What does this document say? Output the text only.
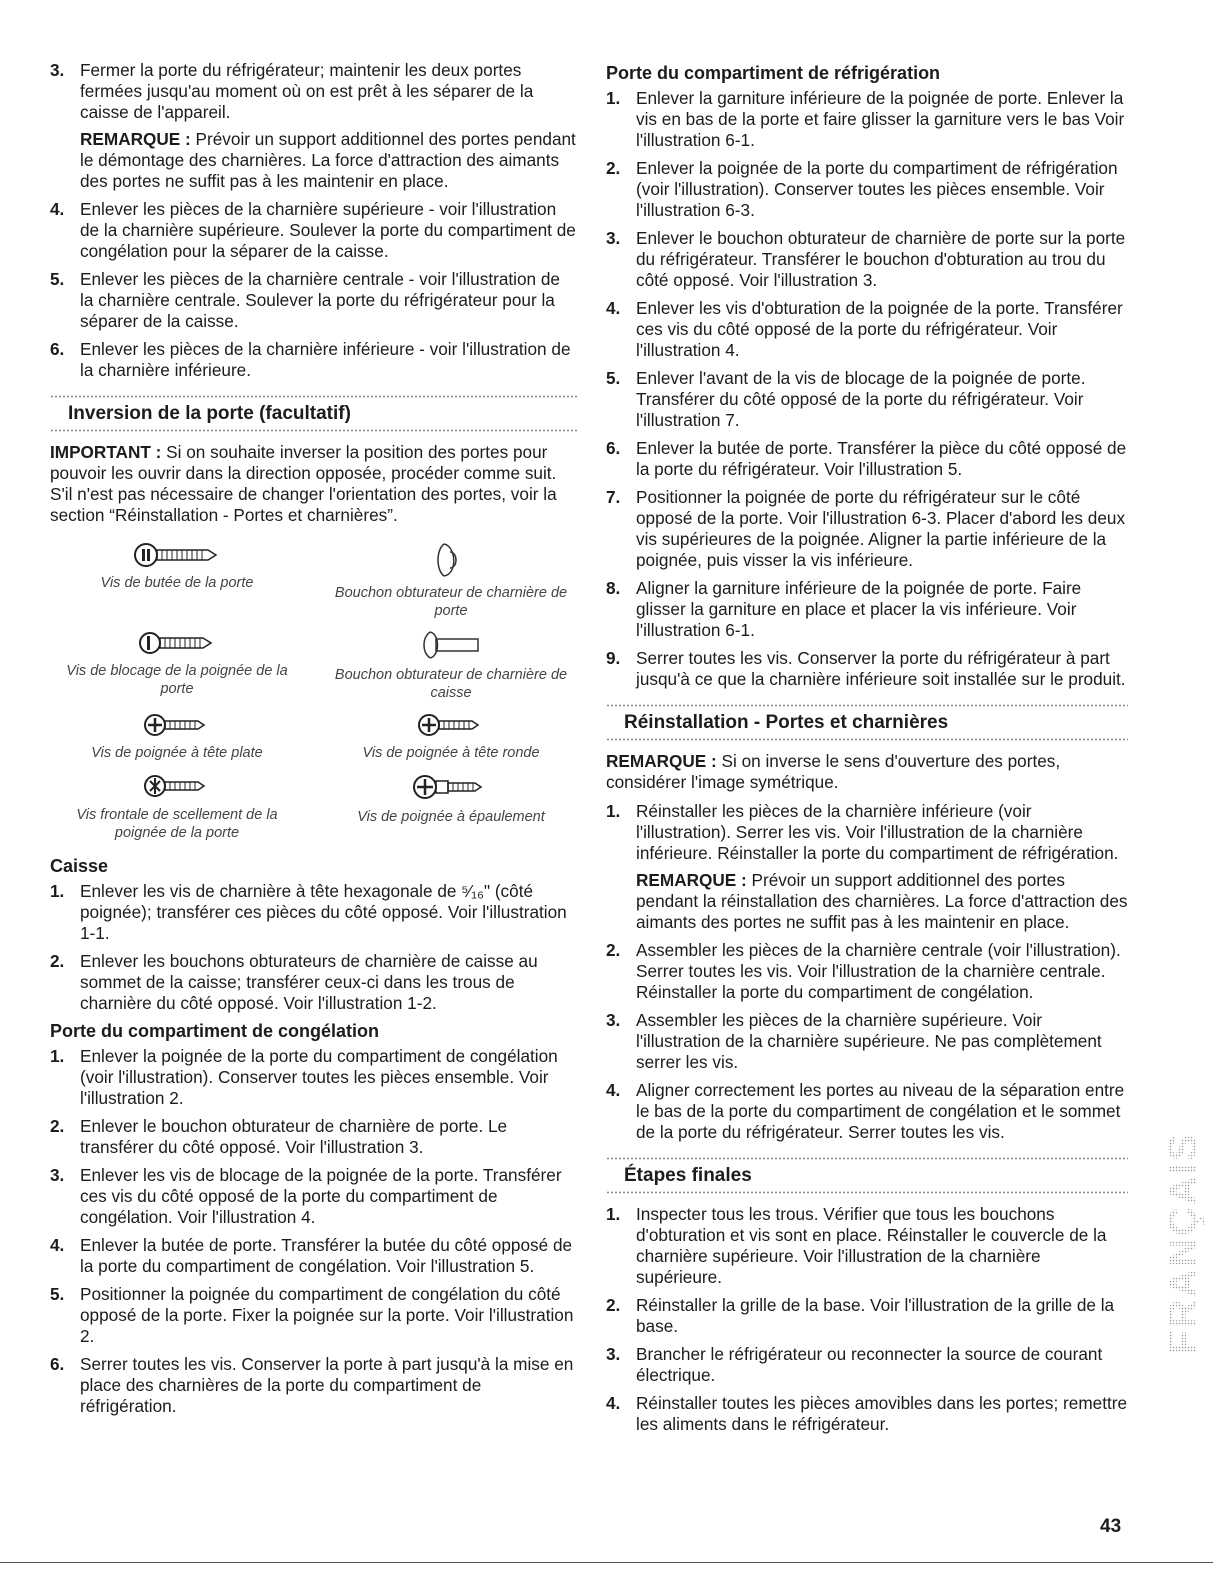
3. Fermer la porte du réfrigérateur; maintenir les deux portes fermées jusqu'au moment où on est prêt à les séparer de la caisse de l'appareil.
REMARQUE : Prévoir un support additionnel des portes pendant le démontage des charnières. La force d'attraction des aimants des portes ne suffit pas à les maintenir en place.
4. Enlever les pièces de la charnière supérieure - voir l'illustration de la charnière supérieure. Soulever la porte du compartiment de congélation pour la séparer de la caisse.
5. Enlever les pièces de la charnière centrale - voir l'illustration de la charnière centrale. Soulever la porte du réfrigérateur pour la séparer de la caisse.
6. Enlever les pièces de la charnière inférieure - voir l'illustration de la charnière inférieure.
Inversion de la porte (facultatif)

IMPORTANT : Si on souhaite inverser la position des portes pour pouvoir les ouvrir dans la direction opposée, procéder comme suit. S'il n'est pas nécessaire de changer l'orientation des portes, voir la section “Réinstallation - Portes et charnières”.

Vis de butée de la porte
Bouchon obturateur de charnière de porte
Vis de blocage de la poignée de la porte
Bouchon obturateur de charnière de caisse
Vis de poignée à tête plate	Vis de poignée à tête ronde
Vis frontale de scellement de la poignée de la porte
Vis de poignée à épaulement
Caisse
1. Enlever les vis de charnière à tête hexagonale de ⁵⁄₁₆" (côté poignée); transférer ces pièces du côté opposé. Voir l'illustration 1-1.
2. Enlever les bouchons obturateurs de charnière de caisse au sommet de la caisse; transférer ceux-ci dans les trous de charnière du côté opposé. Voir l'illustration 1-2.
Porte du compartiment de congélation
1. Enlever la poignée de la porte du compartiment de congélation (voir l'illustration). Conserver toutes les pièces ensemble. Voir l'illustration 2.
2. Enlever le bouchon obturateur de charnière de porte. Le transférer du côté opposé. Voir l'illustration 3.
3. Enlever les vis de blocage de la poignée de la porte. Transférer ces vis du côté opposé de la porte du compartiment de congélation. Voir l'illustration 4.
4. Enlever la butée de porte. Transférer la butée du côté opposé de la porte du compartiment de congélation. Voir l'illustration 5.
5. Positionner la poignée du compartiment de congélation du côté opposé de la porte. Fixer la poignée sur la porte. Voir l'illustration 2.
6. Serrer toutes les vis. Conserver la porte à part jusqu'à la mise en place des charnières de la porte du compartiment de réfrigération.
Porte du compartiment de réfrigération
1. Enlever la garniture inférieure de la poignée de porte. Enlever la vis en bas de la porte et faire glisser la garniture vers le bas Voir l'illustration 6-1.
2. Enlever la poignée de la porte du compartiment de réfrigération (voir l'illustration). Conserver toutes les pièces ensemble. Voir l'illustration 6-3.
3. Enlever le bouchon obturateur de charnière de porte sur la porte du réfrigérateur. Transférer le bouchon d'obturation au trou du côté opposé. Voir l'illustration 3.
4. Enlever les vis d'obturation de la poignée de la porte. Transférer ces vis du côté opposé de la porte du réfrigérateur. Voir l'illustration 4.
5. Enlever l'avant de la vis de blocage de la poignée de porte. Transférer du côté opposé de la porte du réfrigérateur. Voir l'illustration 7.
6. Enlever la butée de porte. Transférer la pièce du côté opposé de la porte du réfrigérateur. Voir l'illustration 5.
7. Positionner la poignée de porte du réfrigérateur sur le côté opposé de la porte. Voir l'illustration 6-3. Placer d'abord les deux vis supérieures de la poignée. Aligner la partie inférieure de la poignée, puis visser la vis inférieure.
8. Aligner la garniture inférieure de la poignée de porte. Faire glisser la garniture en place et placer la vis inférieure. Voir l'illustration 6-1.
9. Serrer toutes les vis. Conserver la porte du réfrigérateur à part jusqu'à ce que la charnière inférieure soit installée sur le produit.
Réinstallation - Portes et charnières

REMARQUE : Si on inverse le sens d'ouverture des portes, considérer l'image symétrique.

1. Réinstaller les pièces de la charnière inférieure (voir l'illustration). Serrer les vis. Voir l'illustration de la charnière inférieure. Réinstaller la porte du compartiment de réfrigération.
REMARQUE : Prévoir un support additionnel des portes pendant la réinstallation des charnières. La force d'attraction des aimants des portes ne suffit pas à les maintenir en place.
2. Assembler les pièces de la charnière centrale (voir l'illustration). Serrer toutes les vis. Voir l'illustration de la charnière centrale. Réinstaller la porte du compartiment de congélation.
3. Assembler les pièces de la charnière supérieure. Voir l'illustration de la charnière supérieure. Ne pas complètement serrer les vis.
4. Aligner correctement les portes au niveau de la séparation entre le bas de la porte du compartiment de congélation et le sommet de la porte du réfrigérateur. Serrer toutes les vis.
Étapes finales
1. Inspecter tous les trous. Vérifier que tous les bouchons d'obturation et vis sont en place. Réinstaller le couvercle de la charnière supérieure. Voir l'illustration de la charnière supérieure.
2. Réinstaller la grille de la base. Voir l'illustration de la grille de la base.
3. Brancher le réfrigérateur ou reconnecter la source de courant électrique.
4. Réinstaller toutes les pièces amovibles dans les portes; remettre les aliments dans le réfrigérateur.
FRANÇAIS
43
